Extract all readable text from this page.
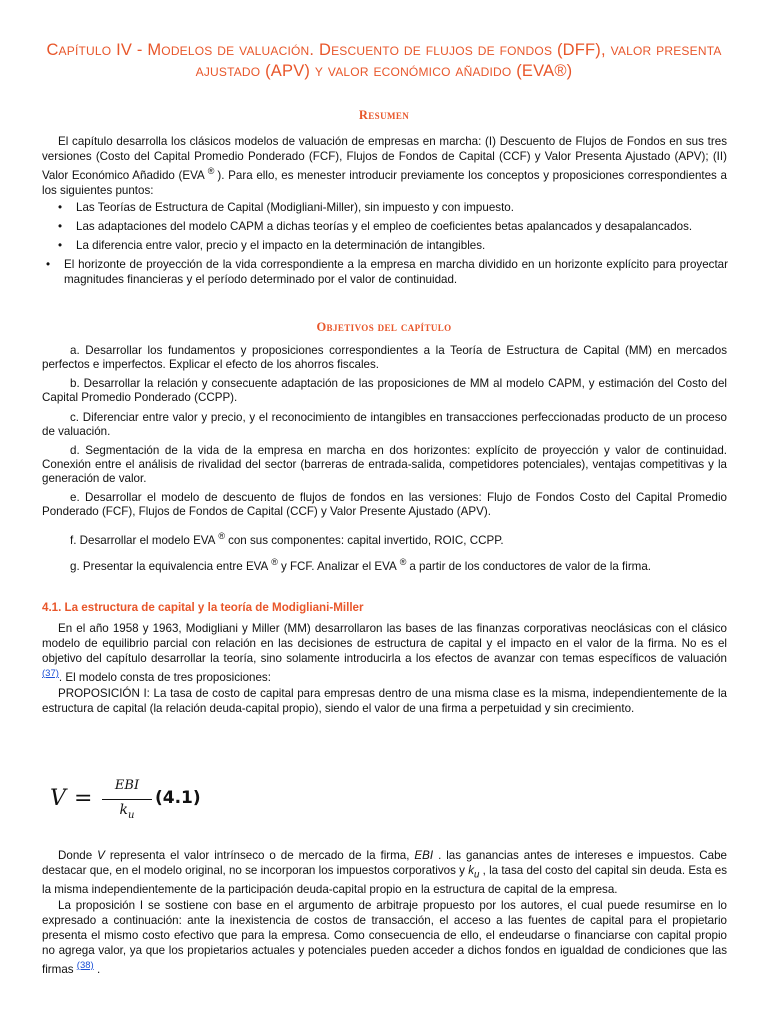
Capítulo IV - Modelos de valuación. Descuento de flujos de fondos (DFF), valor presenta ajustado (APV) y valor económico añadido (EVA®)
Resumen

El capítulo desarrolla los clásicos modelos de valuación de empresas en marcha: (I) Descuento de Flujos de Fondos en sus tres versiones (Costo del Capital Promedio Ponderado (FCF), Flujos de Fondos de Capital (CCF) y Valor Presenta Ajustado (APV); (II) Valor Económico Añadido (EVA ® ). Para ello, es menester introducir previamente los conceptos y proposiciones correspondientes a los siguientes puntos:

• Las Teorías de Estructura de Capital (Modigliani-Miller), sin impuesto y con impuesto.
• Las adaptaciones del modelo CAPM a dichas teorías y el empleo de coeficientes betas apalancados y desapalancados.
• La diferencia entre valor, precio y el impacto en la determinación de intangibles.
• El horizonte de proyección de la vida correspondiente a la empresa en marcha dividido en un horizonte explícito para proyectar magnitudes financieras y el período determinado por el valor de continuidad.
Objetivos del capítulo

a. Desarrollar los fundamentos y proposiciones correspondientes a la Teoría de Estructura de Capital (MM) en mercados perfectos e imperfectos. Explicar el efecto de los ahorros fiscales.

b. Desarrollar la relación y consecuente adaptación de las proposiciones de MM al modelo CAPM, y estimación del Costo del Capital Promedio Ponderado (CCPP).

c. Diferenciar entre valor y precio, y el reconocimiento de intangibles en transacciones perfeccionadas producto de un proceso de valuación.

d. Segmentación de la vida de la empresa en marcha en dos horizontes: explícito de proyección y valor de continuidad. Conexión entre el análisis de rivalidad del sector (barreras de entrada-salida, competidores potenciales), ventajas competitivas y la generación de valor.

e. Desarrollar el modelo de descuento de flujos de fondos en las versiones: Flujo de Fondos Costo del Capital Promedio Ponderado (FCF), Flujos de Fondos de Capital (CCF) y Valor Presente Ajustado (APV).

f. Desarrollar el modelo EVA ® con sus componentes: capital invertido, ROIC, CCPP.

g. Presentar la equivalencia entre EVA ® y FCF. Analizar el EVA ® a partir de los conductores de valor de la firma.

4.1. La estructura de capital y la teoría de Modigliani-Miller

En el año 1958 y 1963, Modigliani y Miller (MM) desarrollaron las bases de las finanzas corporativas neoclásicas con el clásico modelo de equilibrio parcial con relación en las decisiones de estructura de capital y el impacto en el valor de la firma. No es el objetivo del capítulo desarrollar la teoría, sino solamente introducirla a los efectos de avanzar con temas específicos de valuación $^{(37)}$. El modelo consta de tres proposiciones:

PROPOSICIÓN I: La tasa de costo de capital para empresas dentro de una misma clase es la misma, independientemente de la estructura de capital (la relación deuda-capital propio), siendo el valor de una firma a perpetuidad y sin crecimiento.

V =
EBI
$k_u$
(4.1)

Donde V representa el valor intrínseco o de mercado de la firma, EBI . las ganancias antes de intereses e impuestos. Cabe destacar que, en el modelo original, no se incorporan los impuestos corporativos y $k_u$ , la tasa del costo del capital sin deuda. Esta es la misma independientemente de la participación deuda-capital propio en la estructura de capital de la empresa.

La proposición I se sostiene con base en el argumento de arbitraje propuesto por los autores, el cual puede resumirse en lo expresado a continuación: ante la inexistencia de costos de transacción, el acceso a las fuentes de capital para el propietario presenta el mismo costo efectivo que para la empresa. Como consecuencia de ello, el endeudarse o financiarse con capital propio no agrega valor, ya que los propietarios actuales y potenciales pueden acceder a dichos fondos en igualdad de condiciones que las firmas $^{(38)}$ .
